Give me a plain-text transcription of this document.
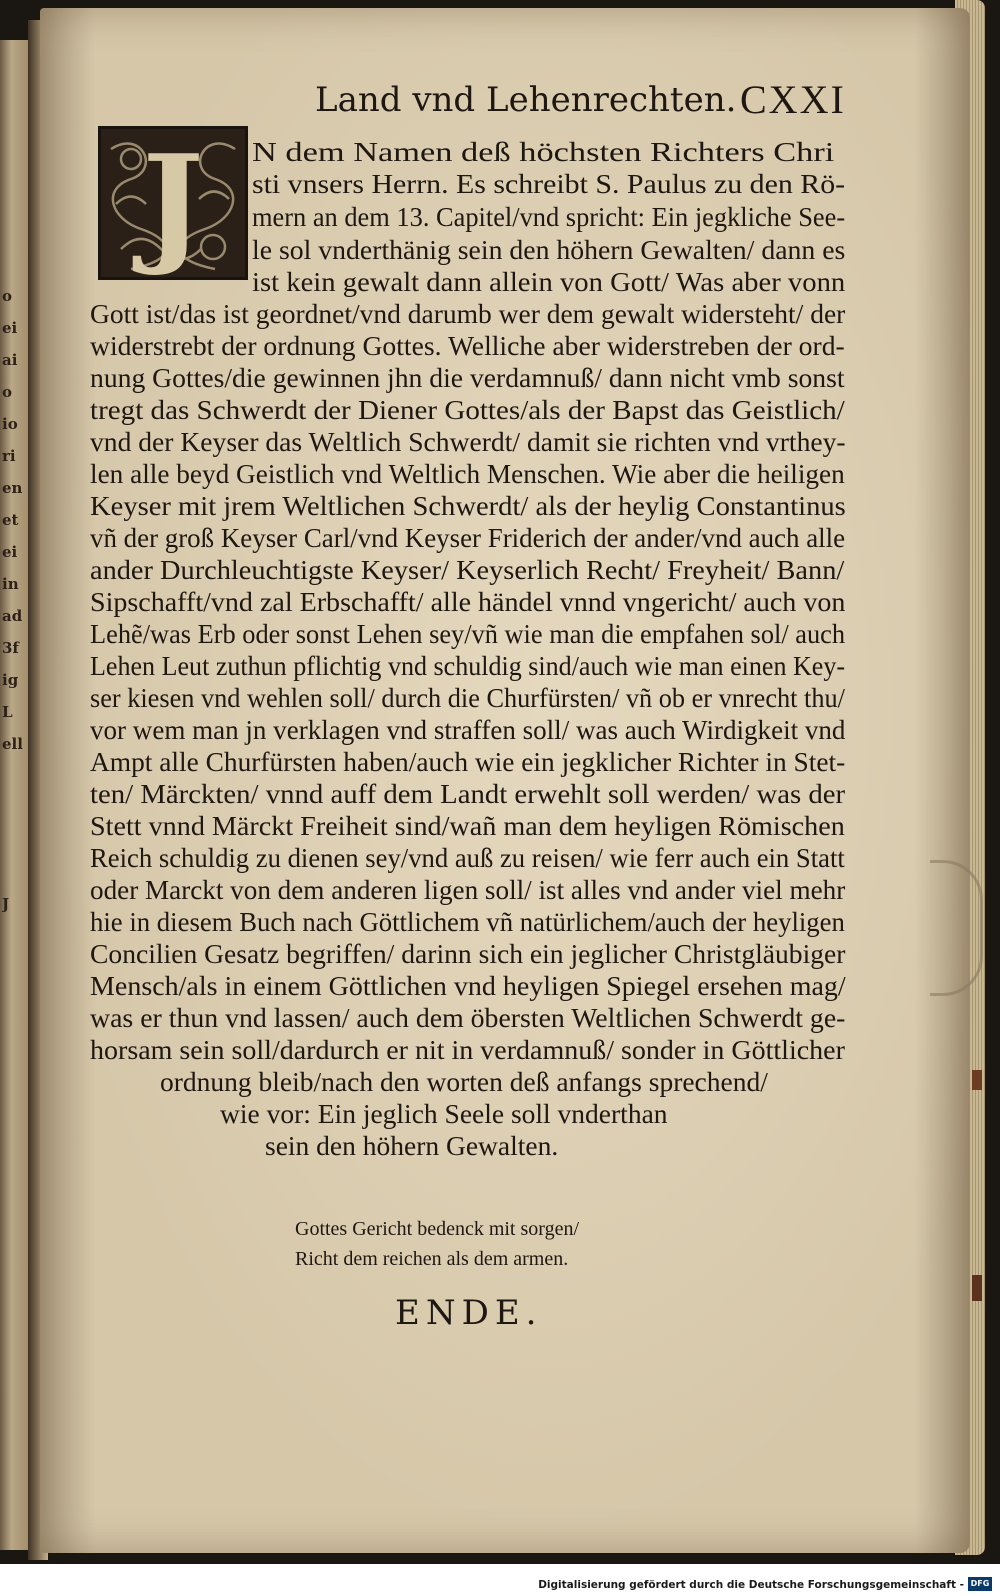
o
ei
ai
o
io
ri
en
et
ei
in
ad
3f
ig
L
ell
J
Land vnd Lehenrechten. CXXI
J	N dem Namen deß höchsten Richters Chri
sti vnsers Herrn. Es schreibt S. Paulus zu den Rö-
mern an dem 13. Capitel/vnd spricht: Ein jegkliche See-
le sol vnderthänig sein den höhern Gewalten/ dann es
ist kein gewalt dann allein von Gott/ Was aber vonn
Gott ist/das ist geordnet/vnd darumb wer dem gewalt widersteht/ der
widerstrebt der ordnung Gottes. Welliche aber widerstreben der ord-
nung Gottes/die gewinnen jhn die verdamnuß/ dann nicht vmb sonst
tregt das Schwerdt der Diener Gottes/als der Bapst das Geistlich/
vnd der Keyser das Weltlich Schwerdt/ damit sie richten vnd vrthey-
len alle beyd Geistlich vnd Weltlich Menschen. Wie aber die heiligen
Keyser mit jrem Weltlichen Schwerdt/ als der heylig Constantinus
vñ der groß Keyser Carl/vnd Keyser Friderich der ander/vnd auch alle
ander Durchleuchtigste Keyser/ Keyserlich Recht/ Freyheit/ Bann/
Sipschafft/vnd zal Erbschafft/ alle händel vnnd vngericht/ auch von
Lehẽ/was Erb oder sonst Lehen sey/vñ wie man die empfahen sol/ auch
Lehen Leut zuthun pflichtig vnd schuldig sind/auch wie man einen Key-
ser kiesen vnd wehlen soll/ durch die Churfürsten/ vñ ob er vnrecht thu/
vor wem man jn verklagen vnd straffen soll/ was auch Wirdigkeit vnd
Ampt alle Churfürsten haben/auch wie ein jegklicher Richter in Stet-
ten/ Märckten/ vnnd auff dem Landt erwehlt soll werden/ was der
Stett vnnd Märckt Freiheit sind/wañ man dem heyligen Römischen
Reich schuldig zu dienen sey/vnd auß zu reisen/ wie ferr auch ein Statt
oder Marckt von dem anderen ligen soll/ ist alles vnd ander viel mehr
hie in diesem Buch nach Göttlichem vñ natürlichem/auch der heyligen
Concilien Gesatz begriffen/ darinn sich ein jeglicher Christgläubiger
Mensch/als in einem Göttlichen vnd heyligen Spiegel ersehen mag/
was er thun vnd lassen/ auch dem öbersten Weltlichen Schwerdt ge-
horsam sein soll/dardurch er nit in verdamnuß/ sonder in Göttlicher
ordnung bleib/nach den worten deß anfangs sprechend/
wie vor: Ein jeglich Seele soll vnderthan
sein den höhern Gewalten.
Gottes Gericht bedenck mit sorgen/
Richt dem reichen als dem armen.
ENDE.
Digitalisierung gefördert durch die Deutsche Forschungsgemeinschaft - DFG
